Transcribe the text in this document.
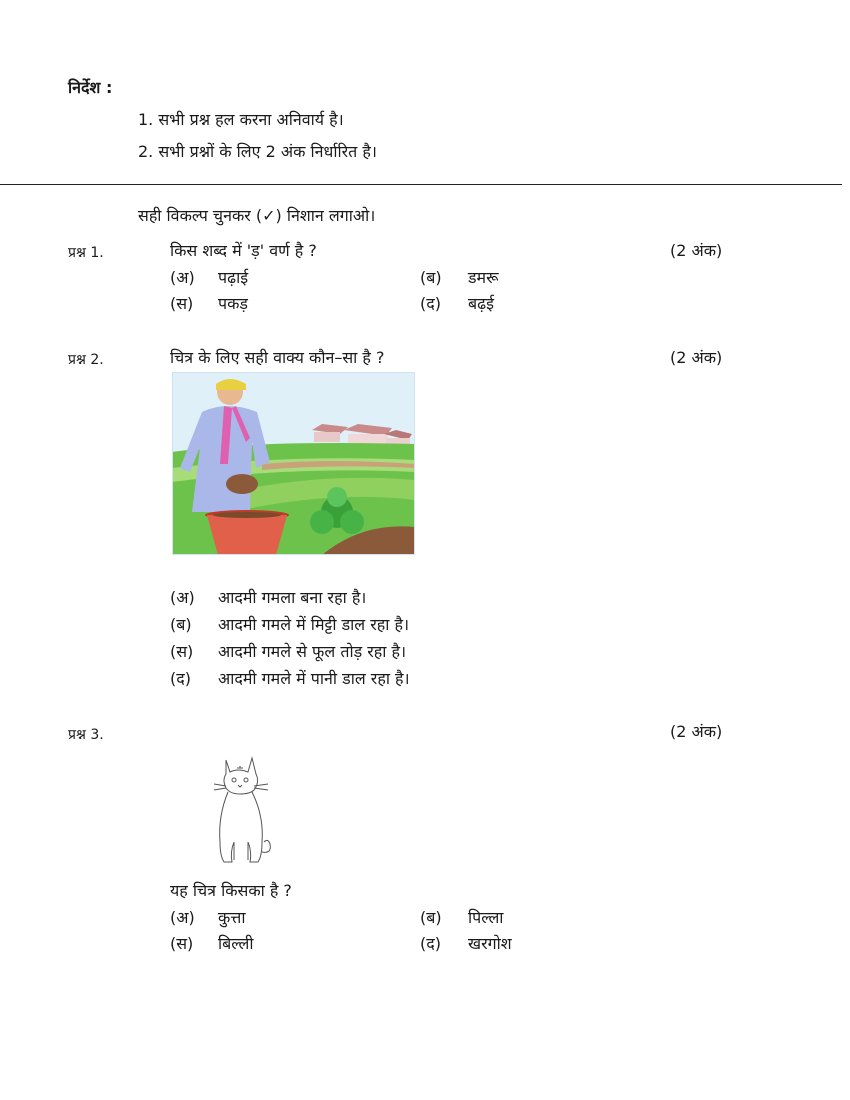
निर्देश :
1. सभी प्रश्न हल करना अनिवार्य है।
2. सभी प्रश्नों के लिए 2 अंक निर्धारित है।
सही विकल्प चुनकर (✓) निशान लगाओ।
प्रश्न 1.	किस शब्द में 'ड़' वर्ण है ?	(2 अंक)
(अ) पढ़ाई	(ब) डमरू
(स) पकड़	(द) बढ़ई
प्रश्न 2.	चित्र के लिए सही वाक्य कौन–सा है ?	(2 अंक)
(अ) आदमी गमला बना रहा है।
(ब) आदमी गमले में मिट्टी डाल रहा है।
(स) आदमी गमले से फूल तोड़ रहा है।
(द) आदमी गमले में पानी डाल रहा है।
प्रश्न 3.	(2 अंक)
यह चित्र किसका है ?
(अ) कुत्ता	(ब) पिल्ला
(स) बिल्ली	(द) खरगोश
